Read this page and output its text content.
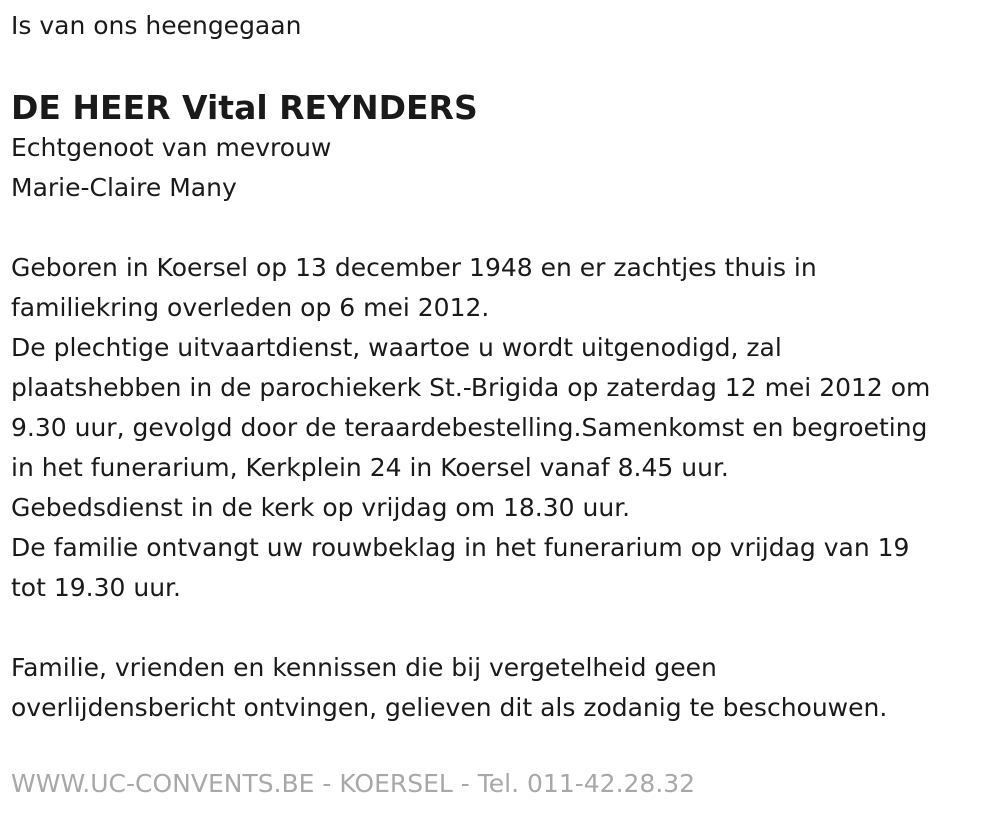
Is van ons heengegaan

DE HEER Vital REYNDERS

Echtgenoot van mevrouw

Marie-Claire Many

Geboren in Koersel op 13 december 1948 en er zachtjes thuis in

familiekring overleden op 6 mei 2012.

De plechtige uitvaartdienst, waartoe u wordt uitgenodigd, zal

plaatshebben in de parochiekerk St.-Brigida op zaterdag 12 mei 2012 om

9.30 uur, gevolgd door de teraardebestelling.Samenkomst en begroeting

in het funerarium, Kerkplein 24 in Koersel vanaf 8.45 uur.

Gebedsdienst in de kerk op vrijdag om 18.30 uur.

De familie ontvangt uw rouwbeklag in het funerarium op vrijdag van 19

tot 19.30 uur.

Familie, vrienden en kennissen die bij vergetelheid geen

overlijdensbericht ontvingen, gelieven dit als zodanig te beschouwen.

WWW.UC-CONVENTS.BE - KOERSEL - Tel. 011-42.28.32
